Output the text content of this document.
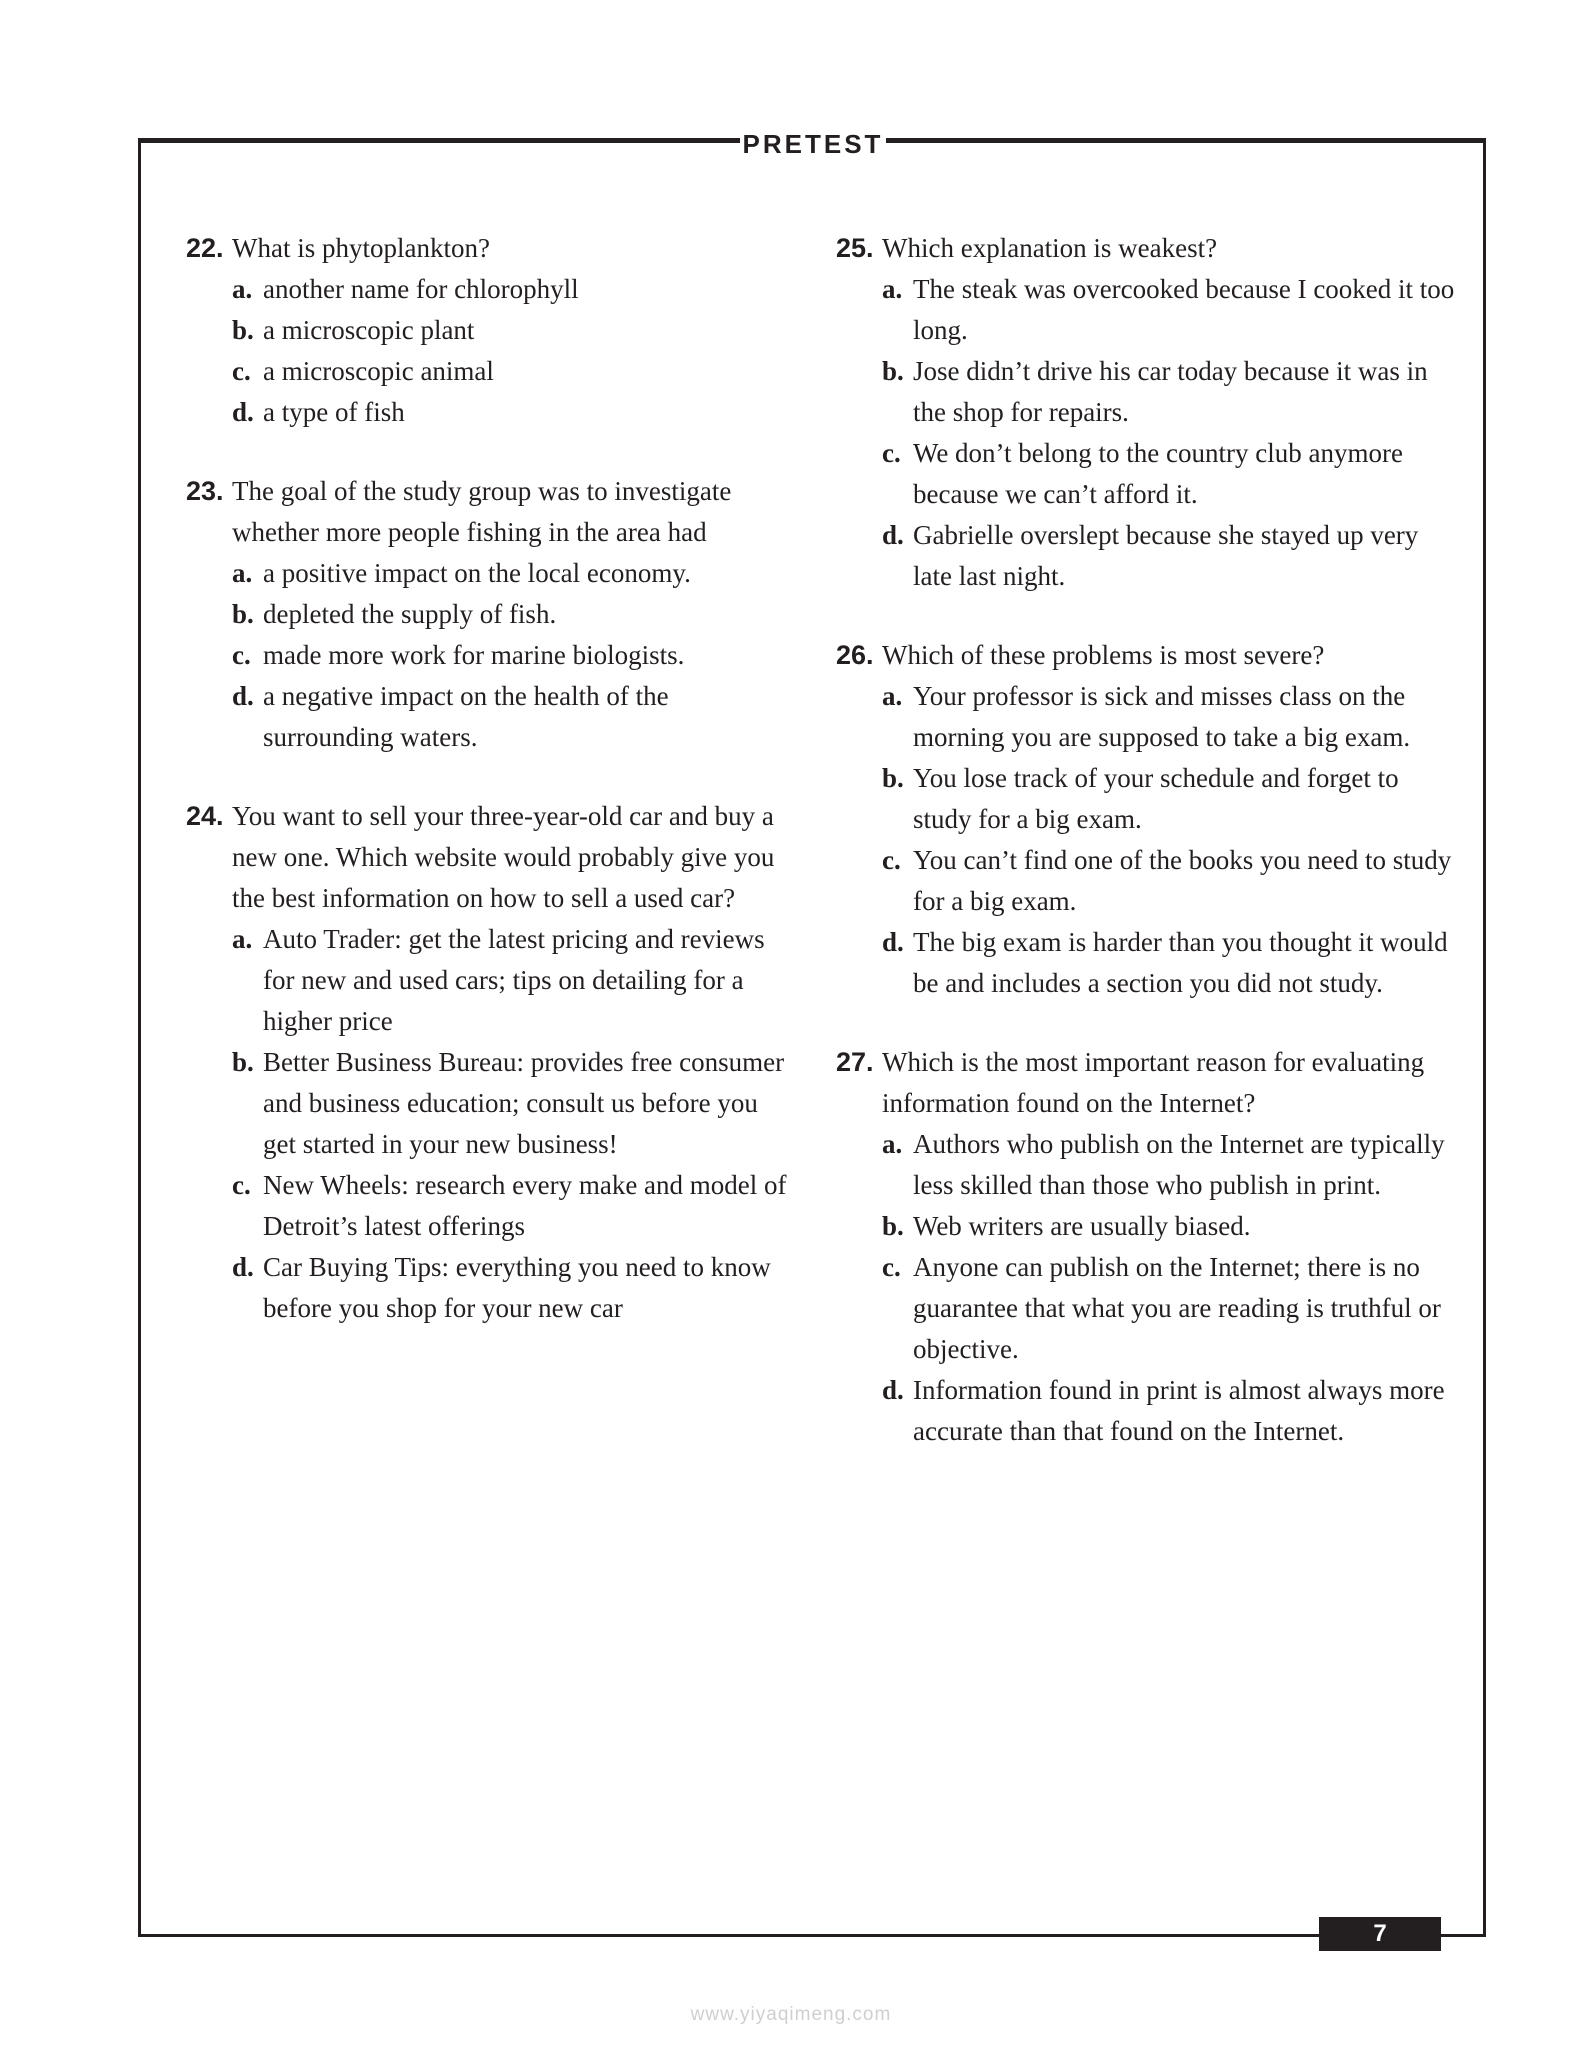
PRETEST
22. What is phytoplankton?
a. another name for chlorophyll
b. a microscopic plant
c. a microscopic animal
d. a type of fish
23. The goal of the study group was to investigate whether more people fishing in the area had
a. a positive impact on the local economy.
b. depleted the supply of fish.
c. made more work for marine biologists.
d. a negative impact on the health of the surrounding waters.
24. You want to sell your three-year-old car and buy a new one. Which website would probably give you the best information on how to sell a used car?
a. Auto Trader: get the latest pricing and reviews for new and used cars; tips on detailing for a higher price
b. Better Business Bureau: provides free consumer and business education; consult us before you get started in your new business!
c. New Wheels: research every make and model of Detroit’s latest offerings
d. Car Buying Tips: everything you need to know before you shop for your new car
25. Which explanation is weakest?
a. The steak was overcooked because I cooked it too long.
b. Jose didn’t drive his car today because it was in the shop for repairs.
c. We don’t belong to the country club anymore because we can’t afford it.
d. Gabrielle overslept because she stayed up very late last night.
26. Which of these problems is most severe?
a. Your professor is sick and misses class on the morning you are supposed to take a big exam.
b. You lose track of your schedule and forget to study for a big exam.
c. You can’t find one of the books you need to study for a big exam.
d. The big exam is harder than you thought it would be and includes a section you did not study.
27. Which is the most important reason for evaluating information found on the Internet?
a. Authors who publish on the Internet are typically less skilled than those who publish in print.
b. Web writers are usually biased.
c. Anyone can publish on the Internet; there is no guarantee that what you are reading is truthful or objective.
d. Information found in print is almost always more accurate than that found on the Internet.
7
www.yiyaqimeng.com
